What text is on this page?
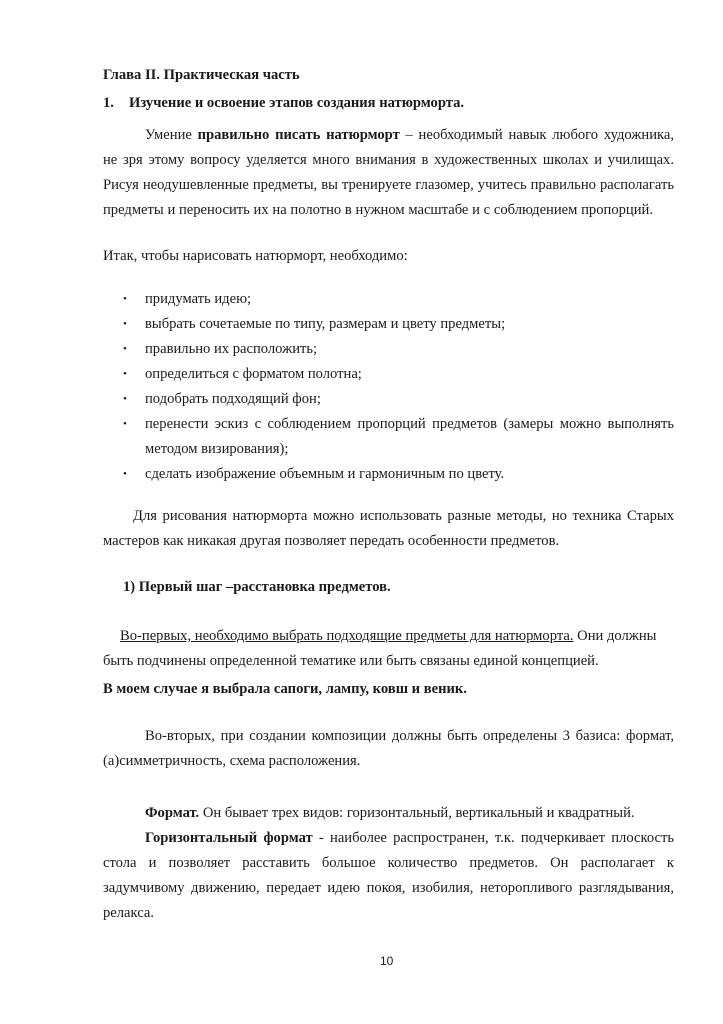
Глава II. Практическая часть
1. Изучение и освоение этапов создания натюрморта.
Умение правильно писать натюрморт – необходимый навык любого художника,
не зря этому вопросу уделяется много внимания в художественных школах и училищах.
Рисуя неодушевленные предметы, вы тренируете глазомер, учитесь правильно располагать
предметы и переносить их на полотно в нужном масштабе и с соблюдением пропорций.
Итак, чтобы нарисовать натюрморт, необходимо:
• придумать идею;
• выбрать сочетаемые по типу, размерам и цвету предметы;
• правильно их расположить;
• определиться с форматом полотна;
• подобрать подходящий фон;
• перенести эскиз с соблюдением пропорций предметов (замеры можно выполнять
методом визирования);
• сделать изображение объемным и гармоничным по цвету.
Для рисования натюрморта можно использовать разные методы, но техника Старых
мастеров как никакая другая позволяет передать особенности предметов.
1) Первый шаг –расстановка предметов.
Во-первых, необходимо выбрать подходящие предметы для натюрморта. Они должны
быть подчинены определенной тематике или быть связаны единой концепцией.
В моем случае я выбрала сапоги, лампу, ковш и веник.
Во-вторых, при создании композиции должны быть определены 3 базиса: формат,
(а)симметричность, схема расположения.
Формат. Он бывает трех видов: горизонтальный, вертикальный и квадратный.
Горизонтальный формат - наиболее распространен, т.к. подчеркивает плоскость
стола и позволяет расставить большое количество предметов. Он располагает к
задумчивому движению, передает идею покоя, изобилия, неторопливого разглядывания,
релакса.
10
